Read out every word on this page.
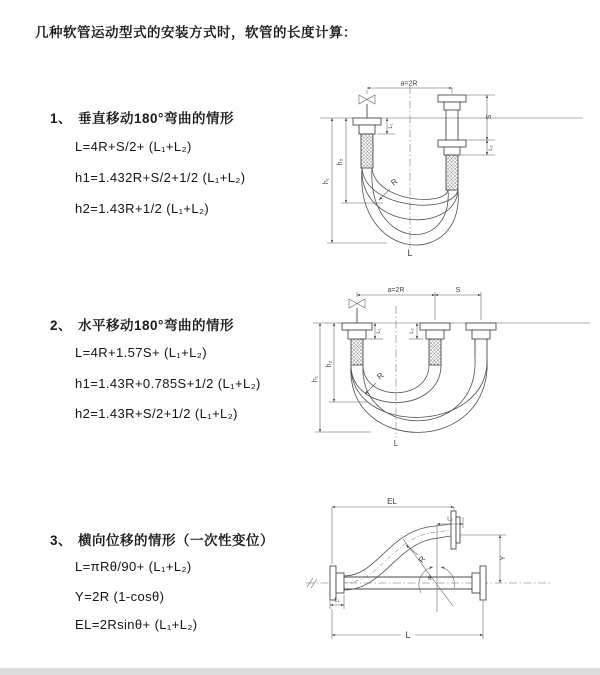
几种软管运动型式的安装方式时，软管的长度计算：
1、 垂直移动180°弯曲的情形
L=4R+S/2+ (L₁+L₂)
h1=1.432R+S/2+1/2 (L₁+L₂)
h2=1.43R+1/2 (L₁+L₂)
2、 水平移动180°弯曲的情形
L=4R+1.57S+ (L₁+L₂)
h1=1.43R+0.785S+1/2 (L₁+L₂)
h2=1.43R+S/2+1/2 (L₁+L₂)
3、 横向位移的情形（一次性变位）
L=πRθ/90+ (L₁+L₂)
Y=2R (1-cosθ)
EL=2Rsinθ+ (L₁+L₂)
a=2R
h₁
h₂
L₁
S
L₂
R
L
a=2R	S
h₁
h₂
L₁	L₂
R
L
θ
R
EL
L₂
Y
L₁
L
